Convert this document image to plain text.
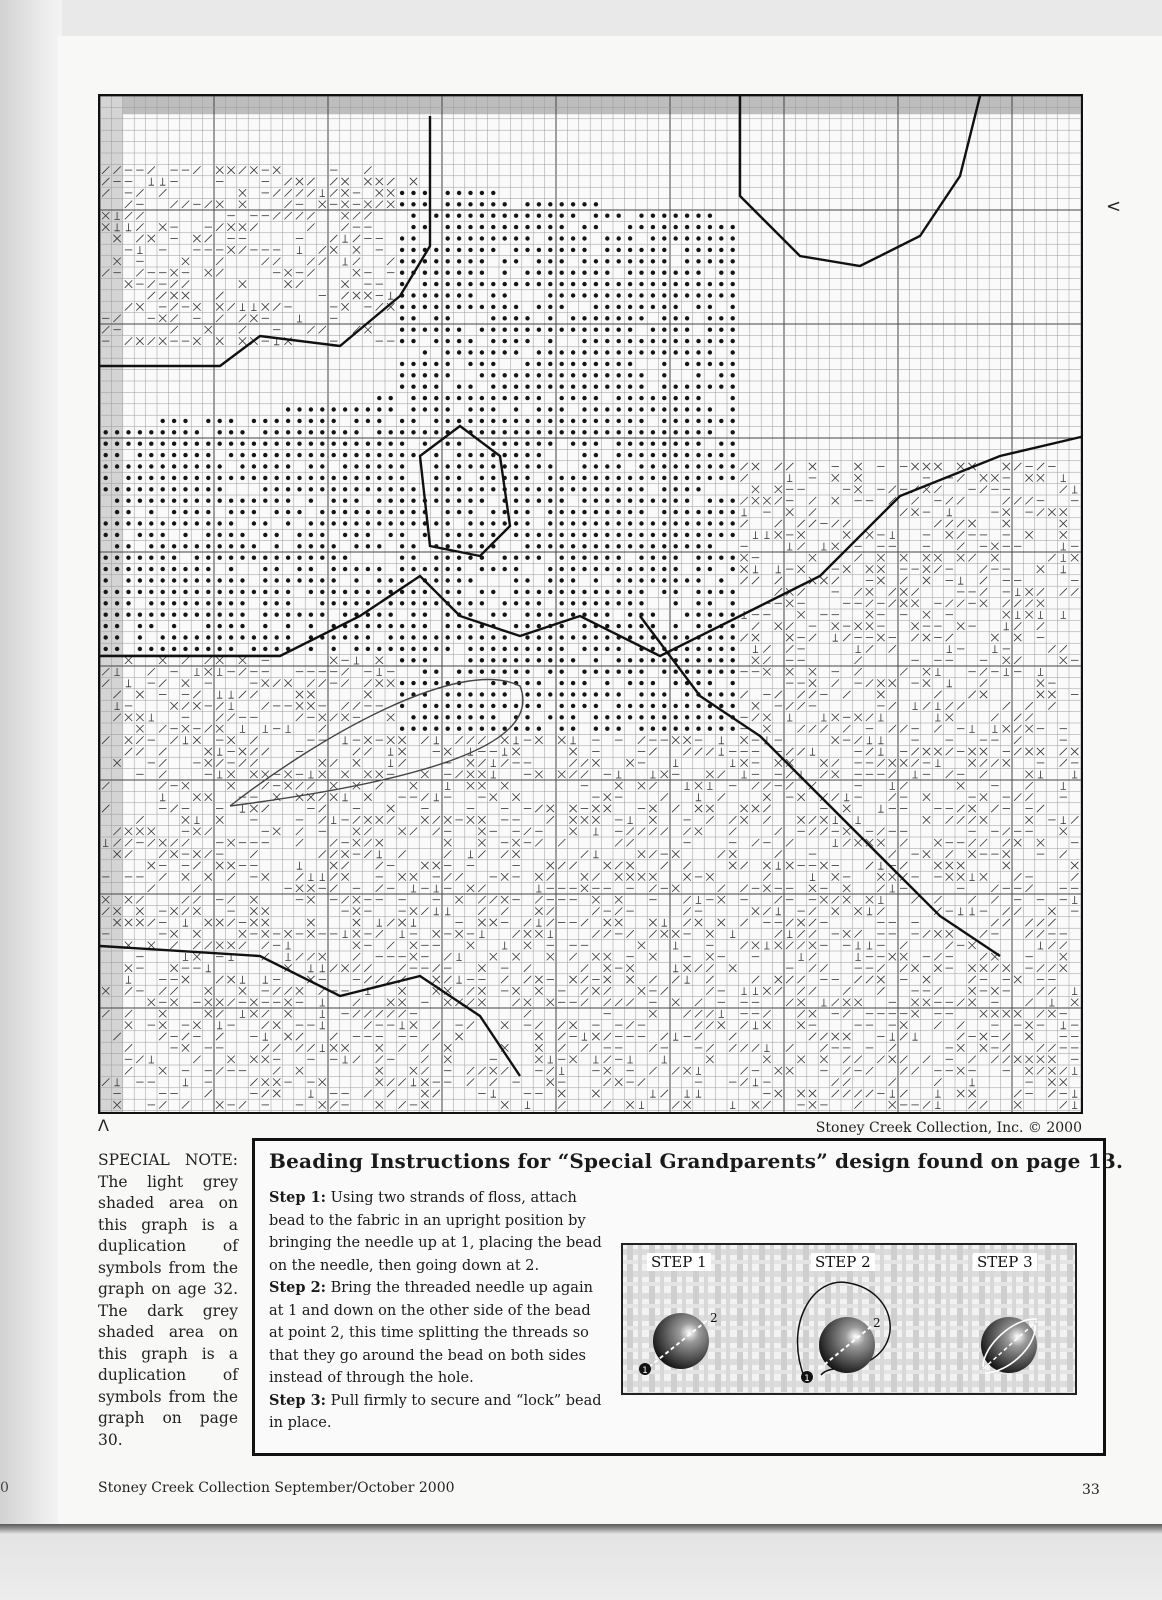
<
Λ	Stoney Creek Collection, Inc. © 2000
SPECIAL NOTE: The light grey shaded area on this graph is a duplication of symbols from the graph on age 32. The dark grey shaded area on this graph is a duplication of symbols from the graph on page 30.
Beading Instructions for “Special Grandparents” design found on page 13.

Step 1: Using two strands of floss, attach bead to the fabric in an upright position by bringing the needle up at 1, placing the bead on the needle, then going down at 2.

Step 2: Bring the threaded needle up again at 1 and down on the other side of the bead at point 2, this time splitting the threads so that they go around the bead on both sides instead of through the hole.

Step 3: Pull firmly to secure and “lock” bead in place.

1
2
1
2
STEP 1	STEP 2	STEP 3
Stoney Creek Collection September/October 2000	33
0
